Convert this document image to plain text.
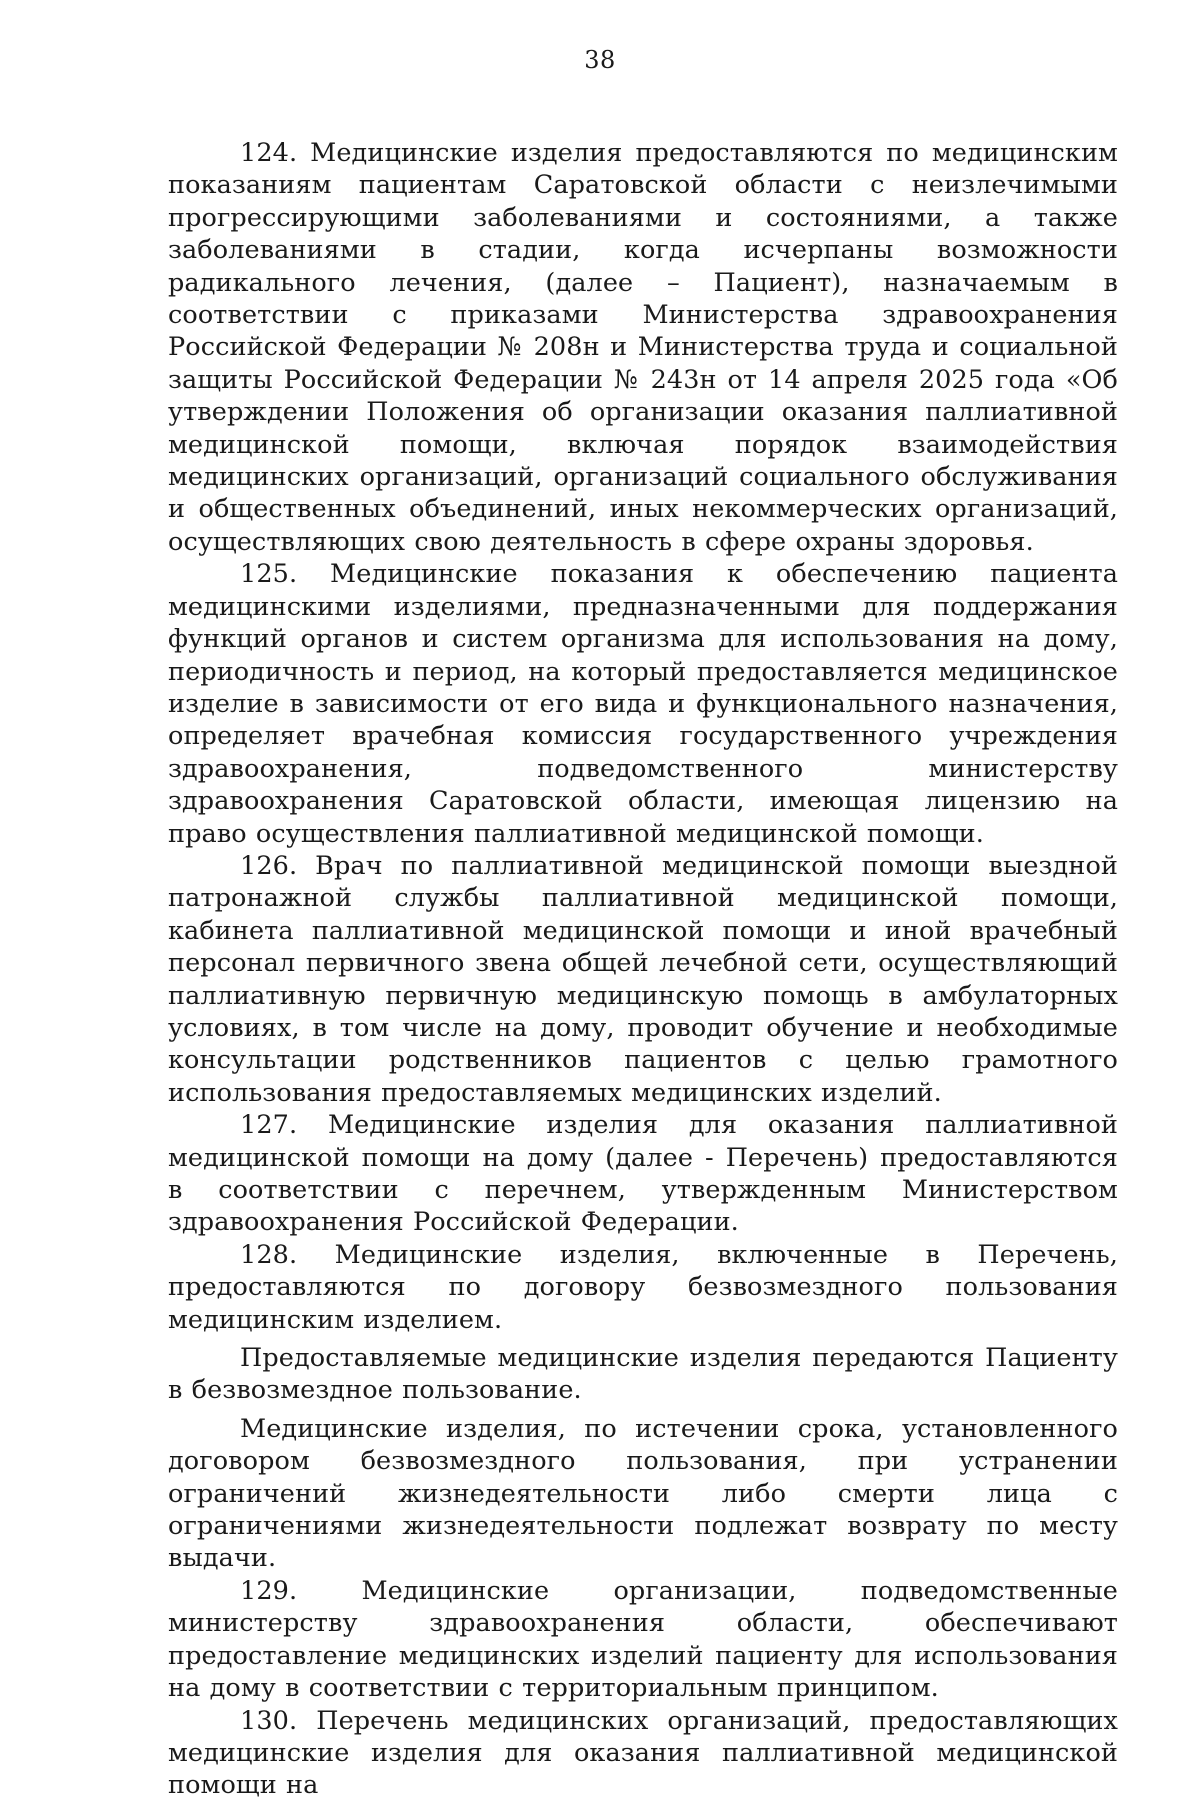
38

124. Медицинские изделия предоставляются по медицинским показаниям пациентам Саратовской области с неизлечимыми прогрессирующими заболеваниями и состояниями, а также заболеваниями в стадии, когда исчерпаны возможности радикального лечения, (далее – Пациент), назначаемым в соответствии с приказами Министерства здравоохранения Российской Федерации № 208н и Министерства труда и социальной защиты Российской Федерации № 243н от 14 апреля 2025 года «Об утверждении Положения об организации оказания паллиативной медицинской помощи, включая порядок взаимодействия медицинских организаций, организаций социального обслуживания и общественных объединений, иных некоммерческих организаций, осуществляющих свою деятельность в сфере охраны здоровья.

125. Медицинские показания к обеспечению пациента медицинскими изделиями, предназначенными для поддержания функций органов и систем организма для использования на дому, периодичность и период, на который предоставляется медицинское изделие в зависимости от его вида и функционального назначения, определяет врачебная комиссия государственного учреждения здравоохранения, подведомственного министерству здравоохранения Саратовской области, имеющая лицензию на право осуществления паллиативной медицинской помощи.

126. Врач по паллиативной медицинской помощи выездной патронажной службы паллиативной медицинской помощи, кабинета паллиативной медицинской помощи и иной врачебный персонал первичного звена общей лечебной сети, осуществляющий паллиативную первичную медицинскую помощь в амбулаторных условиях, в том числе на дому, проводит обучение и необходимые консультации родственников пациентов с целью грамотного использования предоставляемых медицинских изделий.

127. Медицинские изделия для оказания паллиативной медицинской помощи на дому (далее - Перечень) предоставляются в соответствии с перечнем, утвержденным Министерством здравоохранения Российской Федерации.

128. Медицинские изделия, включенные в Перечень, предоставляются по договору безвозмездного пользования медицинским изделием.

Предоставляемые медицинские изделия передаются Пациенту в безвозмездное пользование.

Медицинские изделия, по истечении срока, установленного договором безвозмездного пользования, при устранении ограничений жизнедеятельности либо смерти лица с ограничениями жизнедеятельности подлежат возврату по месту выдачи.

129. Медицинские организации, подведомственные министерству здравоохранения области, обеспечивают предоставление медицинских изделий пациенту для использования на дому в соответствии с территориальным принципом.

130. Перечень медицинских организаций, предоставляющих медицинские изделия для оказания паллиативной медицинской помощи на
